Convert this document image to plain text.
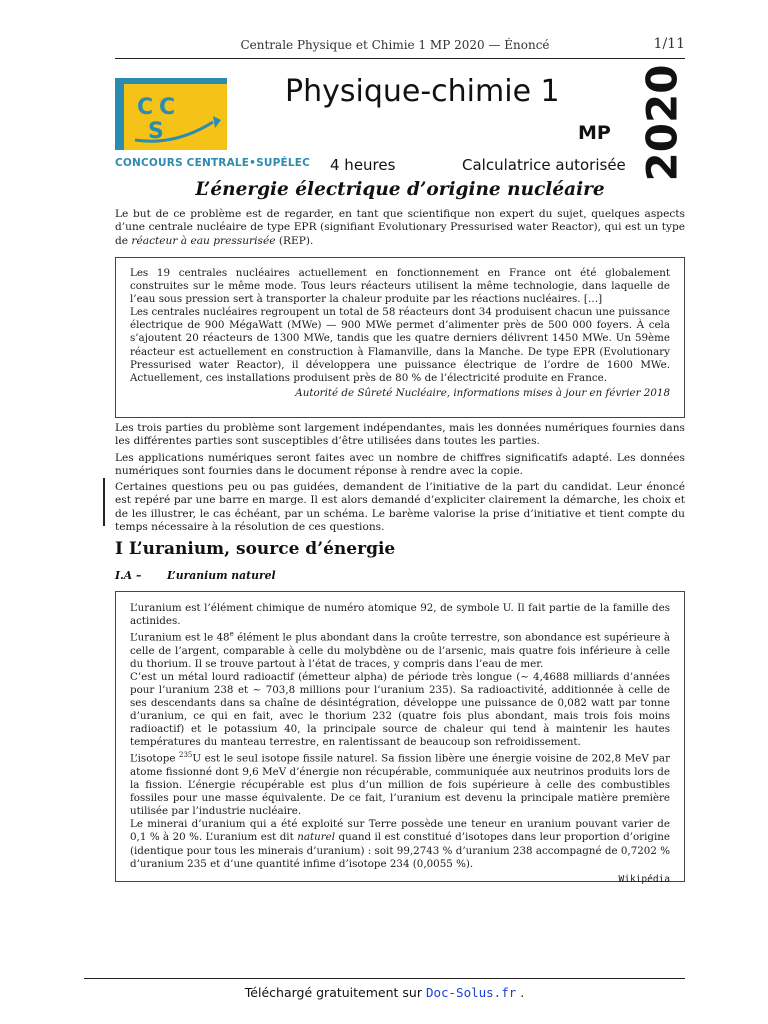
Centrale Physique et Chimie 1 MP 2020 — Énoncé	1/11
C C
S
CONCOURS CENTRALE•SUPÉLEC
Physique-chimie 1
MP 2020
4 heures	Calculatrice autorisée
L’énergie électrique d’origine nucléaire
Le but de ce problème est de regarder, en tant que scientifique non expert du sujet, quelques aspects d’une centrale nucléaire de type EPR (signifiant Evolutionary Pressurised water Reactor), qui est un type de réacteur à eau pressurisée (REP).

Les 19 centrales nucléaires actuellement en fonctionnement en France ont été globalement construites sur le même mode. Tous leurs réacteurs utilisent la même technologie, dans laquelle de l’eau sous pression sert à transporter la chaleur produite par les réactions nucléaires. […]

Les centrales nucléaires regroupent un total de 58 réacteurs dont 34 produisent chacun une puissance électrique de 900 MégaWatt (MWe) — 900 MWe permet d’alimenter près de 500 000 foyers. À cela s’ajoutent 20 réacteurs de 1300 MWe, tandis que les quatre derniers délivrent 1450 MWe. Un 59ème réacteur est actuellement en construction à Flamanville, dans la Manche. De type EPR (Evolutionary Pressurised water Reactor), il développera une puissance électrique de l’ordre de 1600 MWe. Actuellement, ces installations produisent près de 80 % de l’électricité produite en France.

Autorité de Sûreté Nucléaire, informations mises à jour en février 2018

Les trois parties du problème sont largement indépendantes, mais les données numériques fournies dans les différentes parties sont susceptibles d’être utilisées dans toutes les parties.

Les applications numériques seront faites avec un nombre de chiffres significatifs adapté. Les données numériques sont fournies dans le document réponse à rendre avec la copie.

Certaines questions peu ou pas guidées, demandent de l’initiative de la part du candidat. Leur énoncé est repéré par une barre en marge. Il est alors demandé d’expliciter clairement la démarche, les choix et de les illustrer, le cas échéant, par un schéma. Le barème valorise la prise d’initiative et tient compte du temps nécessaire à la résolution de ces questions.

I L’uranium, source d’énergie
I.A – L’uranium naturel

L’uranium est l’élément chimique de numéro atomique 92, de symbole U. Il fait partie de la famille des actinides.

L’uranium est le 48e élément le plus abondant dans la croûte terrestre, son abondance est supérieure à celle de l’argent, comparable à celle du molybdène ou de l’arsenic, mais quatre fois inférieure à celle du thorium. Il se trouve partout à l’état de traces, y compris dans l’eau de mer.

C’est un métal lourd radioactif (émetteur alpha) de période très longue (∼ 4,4688 milliards d’années pour l’uranium 238 et ∼ 703,8 millions pour l’uranium 235). Sa radioactivité, additionnée à celle de ses descendants dans sa chaîne de désintégration, développe une puissance de 0,082 watt par tonne d’uranium, ce qui en fait, avec le thorium 232 (quatre fois plus abondant, mais trois fois moins radioactif) et le potassium 40, la principale source de chaleur qui tend à maintenir les hautes températures du manteau terrestre, en ralentissant de beaucoup son refroidissement.

L’isotope $^{235}$U est le seul isotope fissile naturel. Sa fission libère une énergie voisine de 202,8 MeV par atome fissionné dont 9,6 MeV d’énergie non récupérable, communiquée aux neutrinos produits lors de la fission. L’énergie récupérable est plus d’un million de fois supérieure à celle des combustibles fossiles pour une masse équivalente. De ce fait, l’uranium est devenu la principale matière première utilisée par l’industrie nucléaire.

Le minerai d’uranium qui a été exploité sur Terre possède une teneur en uranium pouvant varier de 0,1 % à 20 %. L’uranium est dit naturel quand il est constitué d’isotopes dans leur proportion d’origine (identique pour tous les minerais d’uranium) : soit 99,2743 % d’uranium 238 accompagné de 0,7202 % d’uranium 235 et d’une quantité infime d’isotope 234 (0,0055 %).

Wikipédia

Téléchargé gratuitement sur Doc-Solus.fr .
